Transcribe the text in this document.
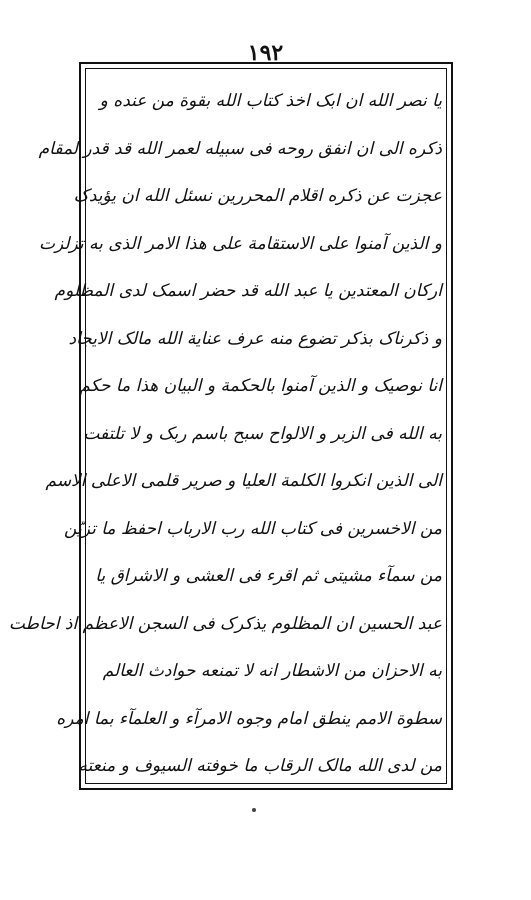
۱۹۲
یا نصر الله ان ابک اخذ کتاب الله بقوة من عنده و
ذکره الی ان انفق روحه فی سبیله لعمر الله قد قدر لمقام
عجزت عن ذکره اقلام المحررین نسئل الله ان یؤیدک
و الذین آمنوا علی الاستقامة علی هذا الامر الذی به تزلزت
ارکان المعتدین یا عبد الله قد حضر اسمک لدی المظلوم
و ذکرناک بذکر تضوع منه عرف عنایة الله مالک الایجاد
انا نوصیک و الذین آمنوا بالحکمة و البیان هذا ما حکم
به الله فی الزبر و الالواح سبح باسم ربک و لا تلتفت
الی الذین انکروا الکلمة العلیا و صریر قلمی الاعلی الاسم
من الاخسرین فی کتاب الله رب الارباب احفظ ما تزیّن
من سمآء مشیتی ثم اقرء فی العشی و الاشراق یا
عبد الحسین ان المظلوم یذکرک فی السجن الاعظم اذ احاطت
به الاحزان من الاشطار انه لا تمنعه حوادث العالم
سطوة الامم ینطق امام وجوه الامرآء و العلمآء بما امره
من لدی الله مالک الرقاب ما خوفته السیوف و منعته
